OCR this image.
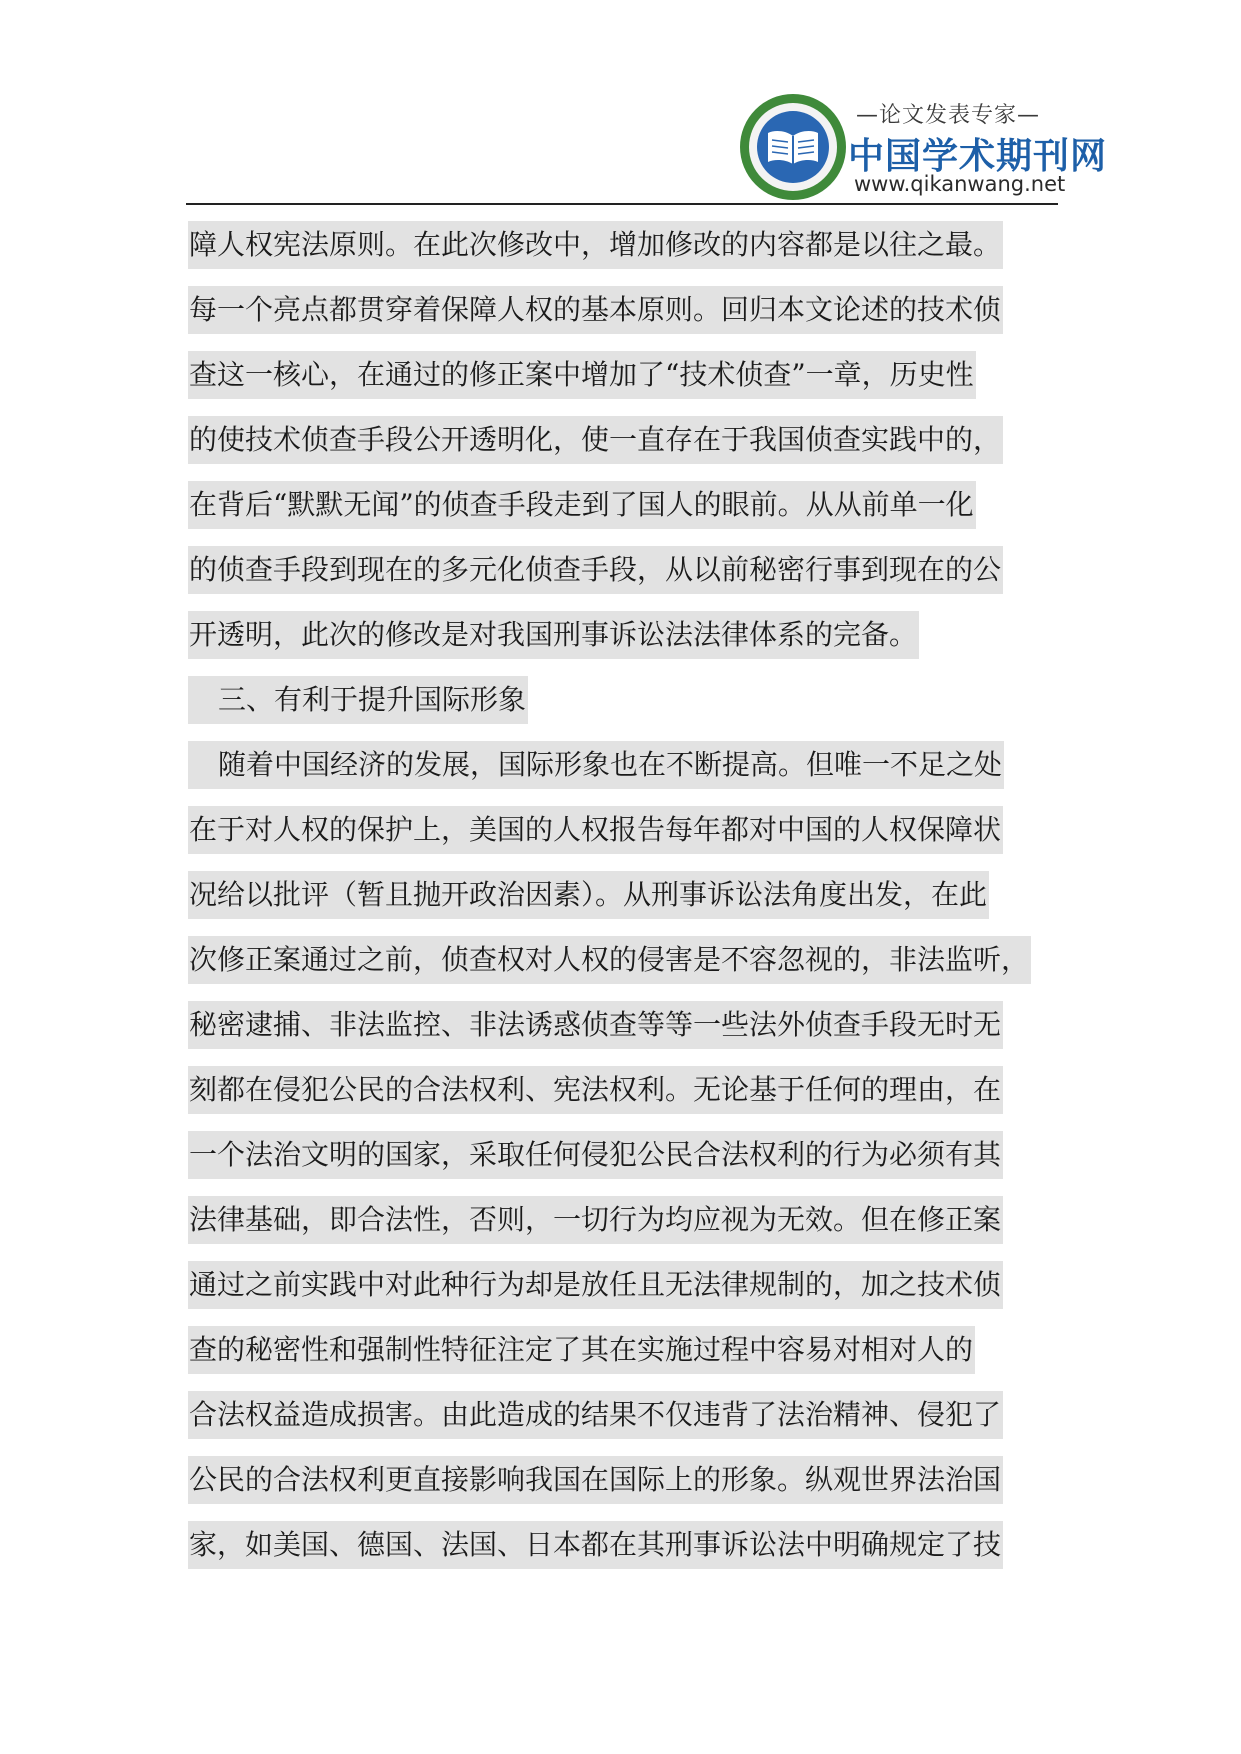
—论文发表专家—
中国学术期刊网
www.qikanwang.net
障人权宪法原则。在此次修改中，增加修改的内容都是以往之最。
每一个亮点都贯穿着保障人权的基本原则。回归本文论述的技术侦
查这一核心，在通过的修正案中增加了“技术侦查”一章，历史性
的使技术侦查手段公开透明化，使一直存在于我国侦查实践中的，
在背后“默默无闻”的侦查手段走到了国人的眼前。从从前单一化
的侦查手段到现在的多元化侦查手段，从以前秘密行事到现在的公
开透明，此次的修改是对我国刑事诉讼法法律体系的完备。
三、有利于提升国际形象
随着中国经济的发展，国际形象也在不断提高。但唯一不足之处
在于对人权的保护上，美国的人权报告每年都对中国的人权保障状
况给以批评（暂且抛开政治因素）。从刑事诉讼法角度出发，在此
次修正案通过之前，侦查权对人权的侵害是不容忽视的，非法监听，
秘密逮捕、非法监控、非法诱惑侦查等等一些法外侦查手段无时无
刻都在侵犯公民的合法权利、宪法权利。无论基于任何的理由，在
一个法治文明的国家，采取任何侵犯公民合法权利的行为必须有其
法律基础，即合法性，否则，一切行为均应视为无效。但在修正案
通过之前实践中对此种行为却是放任且无法律规制的，加之技术侦
查的秘密性和强制性特征注定了其在实施过程中容易对相对人的
合法权益造成损害。由此造成的结果不仅违背了法治精神、侵犯了
公民的合法权利更直接影响我国在国际上的形象。纵观世界法治国
家，如美国、德国、法国、日本都在其刑事诉讼法中明确规定了技
